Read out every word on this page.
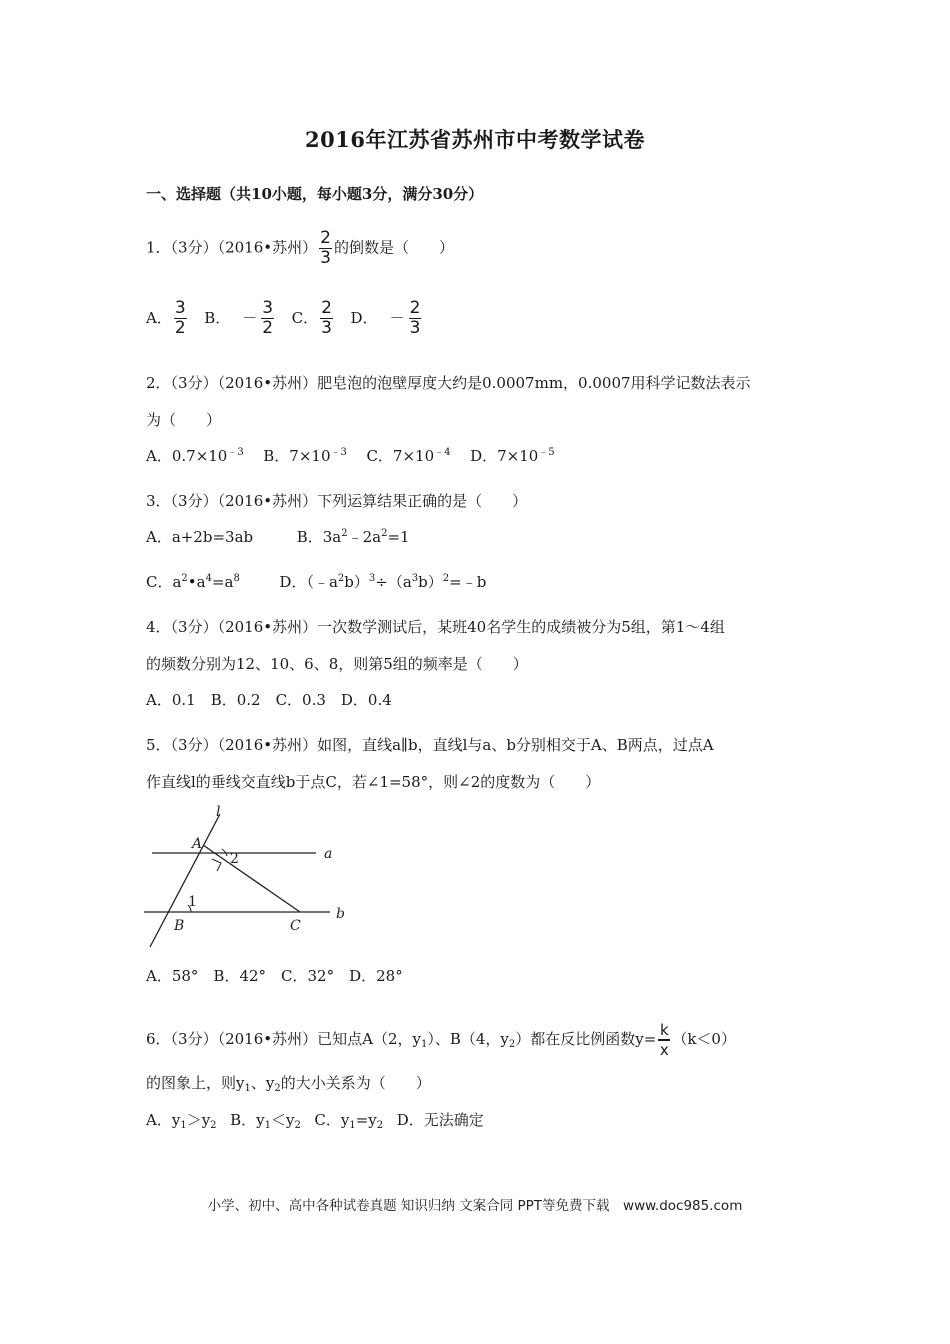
2016年江苏省苏州市中考数学试卷
一、选择题（共10小题，每小题3分，满分30分）
1．（3分）（2016•苏州） $\frac{2}{3}$ 的倒数是（　　）
A． $\frac{3}{2}$ B． － $\frac{3}{2}$ C． $\frac{2}{3}$ D． － $\frac{2}{3}$
2．（3分）（2016•苏州）肥皂泡的泡壁厚度大约是0.0007mm，0.0007用科学记数法表示
为（　　）
A．$0.7\times 10^{﹣3}$ B．$7\times 10^{﹣3}$ C．$7\times 10^{﹣4}$ D．$7\times 10^{﹣5}$
3．（3分）（2016•苏州）下列运算结果正确的是（　　）
A．a+2b=3ab	B．$3a^2﹣2a^2=1$
C．$a^2•a^4=a^8$	D．$(﹣a^2b)^3\div(a^3b)^2=﹣b$
4．（3分）（2016•苏州）一次数学测试后，某班40名学生的成绩被分为5组，第1～4组
的频数分别为12、10、6、8，则第5组的频率是（　　）
A．0.1　B．0.2　C．0.3　D．0.4
5．（3分）（2016•苏州）如图，直线a∥b，直线l与a、b分别相交于A、B两点，过点A
作直线l的垂线交直线b于点C，若∠1=58°，则∠2的度数为（　　）
l
A
2	a
1
B	C
b
A．58°　B．42°　C．32°　D．28°
6．（3分）（2016•苏州）已知点A（2，$y_1$）、B（4，$y_2$）都在反比例函数$y= \frac{k}{x} (k<0)$
的图象上，则$y_1$、$y_2$的大小关系为（　　）
A．$y_1>y_2$ B．$y_1<y_2$ C．$y_1=y_2$ D．无法确定
小学、初中、高中各种试卷真题 知识归纳 文案合同 PPT等免费下载　www.doc985.com
